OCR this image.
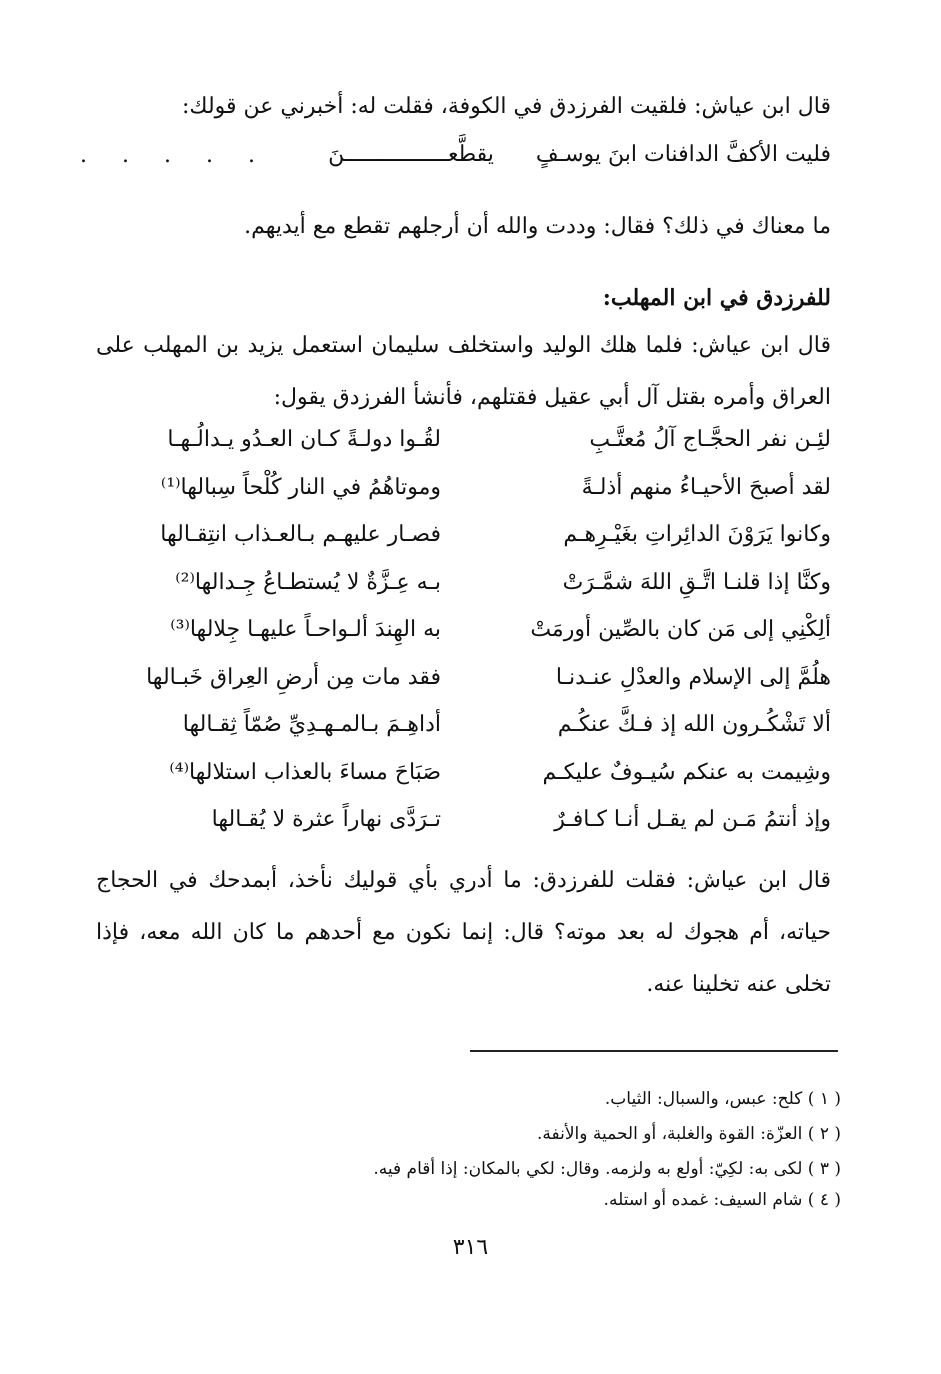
قال ابن عياش: فلقيت الفرزدق في الكوفة، فقلت له: أخبرني عن قولك:
فليت الأكفَّ الدافنات ابنَ يوسـفٍ  يقطَّعــــــــــــــــنَ
. . . . .
ما معناك في ذلك؟ فقال: وددت والله أن أرجلهم تقطع مع أيديهم.
للفرزدق في ابن المهلب:

قال ابن عياش: فلما هلك الوليد واستخلف سليمان استعمل يزيد بن المهلب على العراق وأمره بقتل آل أبي عقيل فقتلهم، فأنشأ الفرزدق يقول:

لئِـن نفر الحجَّـاج آلُ مُعتَّـبِ
لقُـوا دولـةً كـان العـدُو يـدالُـهـا
لقد أصبحَ الأحيـاءُ منهم أذلـةً
وموتاهُمُ في النار كُلْحاً سِبالها⁽¹⁾
وكانوا يَرَوْنَ الدائِراتِ بغَيْـرِهـم
فصـار عليهـم بـالعـذاب انتِقـالها
وكنَّا إذا قلنـا اتَّـقِ اللهَ شمَّـرَتْ
بـه عِـزَّةٌ لا يُستطـاعُ جِـدالها⁽²⁾
ألِكْنِي إلى مَن كان بالصِّين أورمَتْ
به الهِندَ ألـواحـاً عليهـا جِلالها⁽³⁾
هلُمَّ إلى الإسلام والعدْلِ عنـدنـا
فقد مات مِن أرضِ العِراق خَبـالها
ألا تَشْكُـرون الله إذ فـكَّ عنكُـم
أداهِـمَ بـالمـهـدِيِّ صُمّاً ثِقـالها
وشِيمت به عنكم سُيـوفٌ عليكـم
صَبَاحَ مساءَ بالعذاب استلالها⁽⁴⁾
وإذ أنتمُ مَـن لم يقـل أنـا كـافـرٌ
تـرَدَّى نهاراً عثرة لا يُقـالها

قال ابن عياش: فقلت للفرزدق: ما أدري بأي قوليك نأخذ، أبمدحك في الحجاج حياته، أم هجوك له بعد موته؟ قال: إنما نكون مع أحدهم ما كان الله معه، فإذا تخلى عنه تخلينا عنه.

( ١ ) كلح: عبس، والسبال: الثياب.
( ٢ ) العزّة: القوة والغلبة، أو الحمية والأنفة.
( ٣ ) لكى به: لكِيّ: أولع به ولزمه. وقال: لكي بالمكان: إذا أقام فيه.
( ٤ ) شام السيف: غمده أو استله.
٣١٦
